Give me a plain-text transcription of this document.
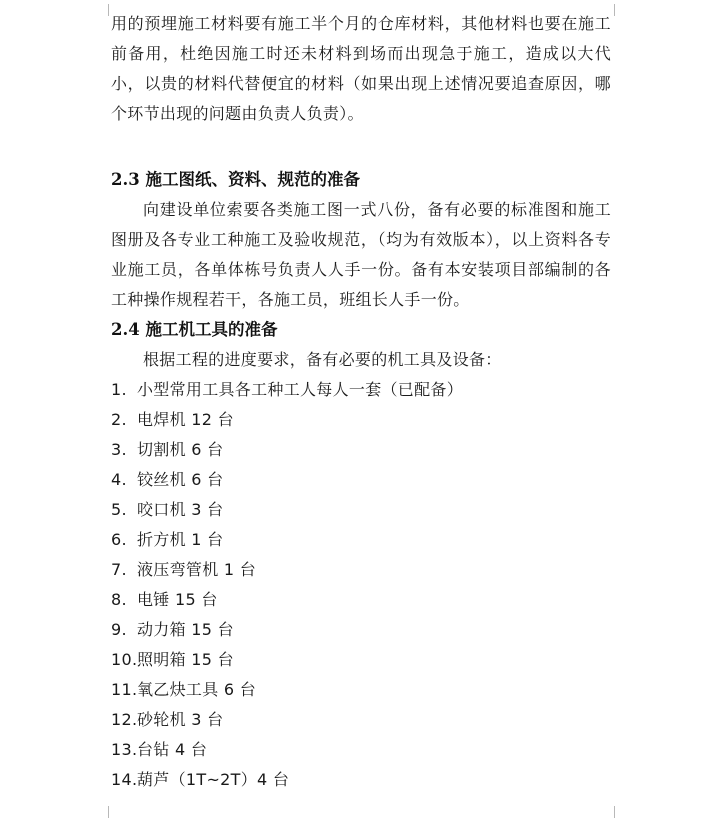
用的预埋施工材料要有施工半个月的仓库材料，其他材料也要在施工前备用，杜绝因施工时还未材料到场而出现急于施工，造成以大代小，以贵的材料代替便宜的材料（如果出现上述情况要追查原因，哪个环节出现的问题由负责人负责）。

2.3 施工图纸、资料、规范的准备

向建设单位索要各类施工图一式八份，备有必要的标准图和施工图册及各专业工种施工及验收规范，（均为有效版本），以上资料各专业施工员，各单体栋号负责人人手一份。备有本安装项目部编制的各工种操作规程若干，各施工员，班组长人手一份。

2.4 施工机工具的准备

根据工程的进度要求，备有必要的机工具及设备：

1. 小型常用工具各工种工人每人一套（已配备）
2. 电焊机 12 台
3. 切割机 6 台
4. 铰丝机 6 台
5. 咬口机 3 台
6. 折方机 1 台
7. 液压弯管机 1 台
8. 电锤 15 台
9. 动力箱 15 台
10. 照明箱 15 台
11. 氧乙炔工具 6 台
12. 砂轮机 3 台
13. 台钻 4 台
14. 葫芦（1T~2T）4 台
